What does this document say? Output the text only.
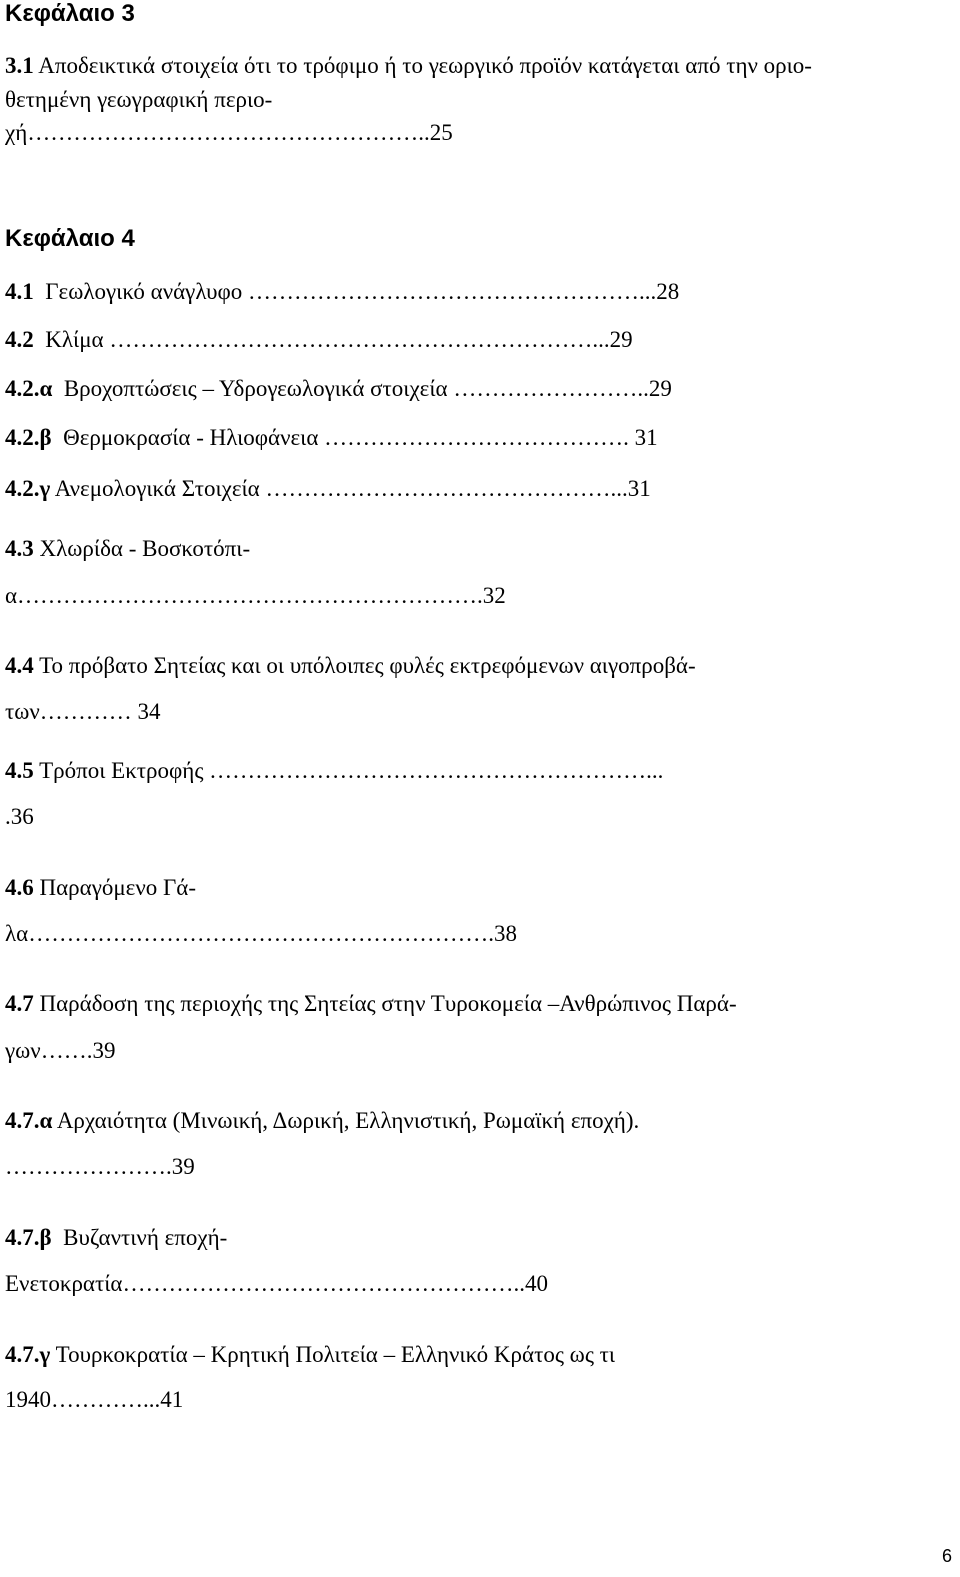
Κεφάλαιο 3
3.1 Αποδεικτικά στοιχεία ότι το τρόφιμο ή το γεωργικό προϊόν κατάγεται από την οριο-
θετημένη γεωγραφική περιο-
χή……………………………………………..25
Κεφάλαιο 4
4.1  Γεωλογικό ανάγλυφο ……………………………………………...28
4.2  Κλίμα ………………………………………………………...29
4.2.α  Βροχοπτώσεις – Υδρογεωλογικά στοιχεία ……………………..29
4.2.β  Θερμοκρασία - Ηλιοφάνεια …………………………………. 31
4.2.γ Ανεμολογικά Στοιχεία ………………………………………...31
4.3 Χλωρίδα - Βοσκοτόπι-
α…………………………………………………….32
4.4 Το πρόβατο Σητείας και οι υπόλοιπες φυλές εκτρεφόμενων αιγοπροβά-
των………… 34
4.5 Τρόποι Εκτροφής …………………………………………………...
.36
4.6 Παραγόμενο Γά-
λα…………………………………………………….38
4.7 Παράδοση της περιοχής της Σητείας στην Τυροκομεία –Ανθρώπινος Παρά-
γων…….39
4.7.α Αρχαιότητα (Μινωική, Δωρική, Ελληνιστική, Ρωμαϊκή εποχή).
………………….39
4.7.β  Βυζαντινή εποχή-
Ενετοκρατία……………………………………………..40
4.7.γ Τουρκοκρατία – Κρητική Πολιτεία – Ελληνικό Κράτος ως τι
1940…………...41
6
